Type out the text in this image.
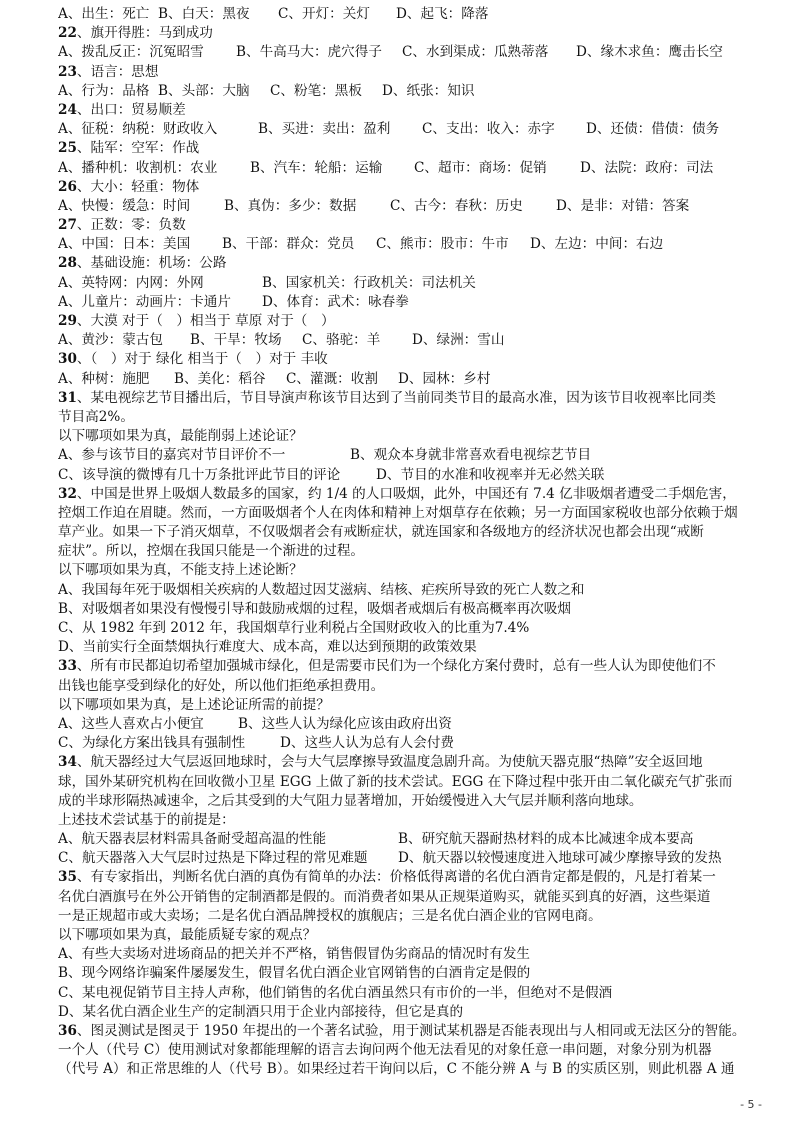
A、出生：死亡 B、白天：黑夜	C、开灯：关灯	D、起飞：降落
22、旗开得胜：马到成功
A、拨乱反正：沉冤昭雪	B、牛高马大：虎穴得子	C、水到渠成：瓜熟蒂落	D、缘木求鱼：鹰击长空
23、语言：思想
A、行为：品格 B、头部：大脑	C、粉笔：黑板	D、纸张：知识
24、出口：贸易顺差
A、征税：纳税：财政收入	B、买进：卖出：盈利	C、支出：收入：赤字	D、还债：借债：债务
25、陆军：空军：作战
A、播种机：收割机：农业	B、汽车：轮船：运输	C、超市：商场：促销	D、法院：政府：司法
26、大小：轻重：物体
A、快慢：缓急：时间	B、真伪：多少：数据	C、古今：春秋：历史	D、是非：对错：答案
27、正数：零：负数
A、中国：日本：美国	B、干部：群众：党员	C、熊市：股市：牛市	D、左边：中间：右边
28、基础设施：机场：公路
A、英特网：内网：外网	B、国家机关：行政机关：司法机关
A、儿童片：动画片：卡通片	D、体育：武术：咏春拳
29、大漠 对于（　）相当于 草原 对于（　）
A、黄沙：蒙古包	B、干旱：牧场	C、骆驼：羊	D、绿洲：雪山
30、（　）对于 绿化 相当于（　）对于 丰收
A、种树：施肥	B、美化：稻谷	C、灌溉：收割	D、园林：乡村
31、某电视综艺节目播出后，节目导演声称该节目达到了当前同类节目的最高水准，因为该节目收视率比同类
节目高2%。
以下哪项如果为真，最能削弱上述论证？
A、参与该节目的嘉宾对节目评价不一	B、观众本身就非常喜欢看电视综艺节目
C、该导演的微博有几十万条批评此节目的评论	D、节目的水准和收视率并无必然关联
32、中国是世界上吸烟人数最多的国家，约 1/4 的人口吸烟，此外，中国还有 7.4 亿非吸烟者遭受二手烟危害，
控烟工作迫在眉睫。然而，一方面吸烟者个人在肉体和精神上对烟草存在依赖；另一方面国家税收也部分依赖于烟
草产业。如果一下子消灭烟草，不仅吸烟者会有戒断症状，就连国家和各级地方的经济状况也都会出现“戒断
症状”。所以，控烟在我国只能是一个渐进的过程。
以下哪项如果为真，不能支持上述论断？
A、我国每年死于吸烟相关疾病的人数超过因艾滋病、结核、疟疾所导致的死亡人数之和
B、对吸烟者如果没有慢慢引导和鼓励戒烟的过程，吸烟者戒烟后有极高概率再次吸烟
C、从 1982 年到 2012 年，我国烟草行业利税占全国财政收入的比重为7.4%
D、当前实行全面禁烟执行难度大、成本高，难以达到预期的政策效果
33、所有市民都迫切希望加强城市绿化，但是需要市民们为一个绿化方案付费时，总有一些人认为即使他们不
出钱也能享受到绿化的好处，所以他们拒绝承担费用。
以下哪项如果为真，是上述论证所需的前提？
A、这些人喜欢占小便宜	B、这些人认为绿化应该由政府出资
C、为绿化方案出钱具有强制性	D、这些人认为总有人会付费
34、航天器经过大气层返回地球时，会与大气层摩擦导致温度急剧升高。为使航天器克服“热障”安全返回地
球，国外某研究机构在回收微小卫星 EGG 上做了新的技术尝试。EGG 在下降过程中张开由二氧化碳充气扩张而
成的半球形隔热减速伞，之后其受到的大气阻力显著增加，开始缓慢进入大气层并顺利落向地球。
上述技术尝试基于的前提是：
A、航天器表层材料需具备耐受超高温的性能	B、研究航天器耐热材料的成本比减速伞成本要高
C、航天器落入大气层时过热是下降过程的常见难题	D、航天器以较慢速度进入地球可减少摩擦导致的发热
35、有专家指出，判断名优白酒的真伪有简单的办法：价格低得离谱的名优白酒肯定都是假的，凡是打着某一
名优白酒旗号在外公开销售的定制酒都是假的。而消费者如果从正规渠道购买，就能买到真的好酒，这些渠道
一是正规超市或大卖场；二是名优白酒品牌授权的旗舰店；三是名优白酒企业的官网电商。
以下哪项如果为真，最能质疑专家的观点？
A、有些大卖场对进场商品的把关并不严格，销售假冒伪劣商品的情况时有发生
B、现今网络诈骗案件屡屡发生，假冒名优白酒企业官网销售的白酒肯定是假的
C、某电视促销节目主持人声称，他们销售的名优白酒虽然只有市价的一半，但绝对不是假酒
D、某名优白酒企业生产的定制酒只用于企业内部接待，但它是真的
36、图灵测试是图灵于 1950 年提出的一个著名试验，用于测试某机器是否能表现出与人相同或无法区分的智能。
一个人（代号 C）使用测试对象都能理解的语言去询问两个他无法看见的对象任意一串问题，对象分别为机器
（代号 A）和正常思维的人（代号 B）。如果经过若干询问以后，C 不能分辨 A 与 B 的实质区别，则此机器 A 通
- 5 -
